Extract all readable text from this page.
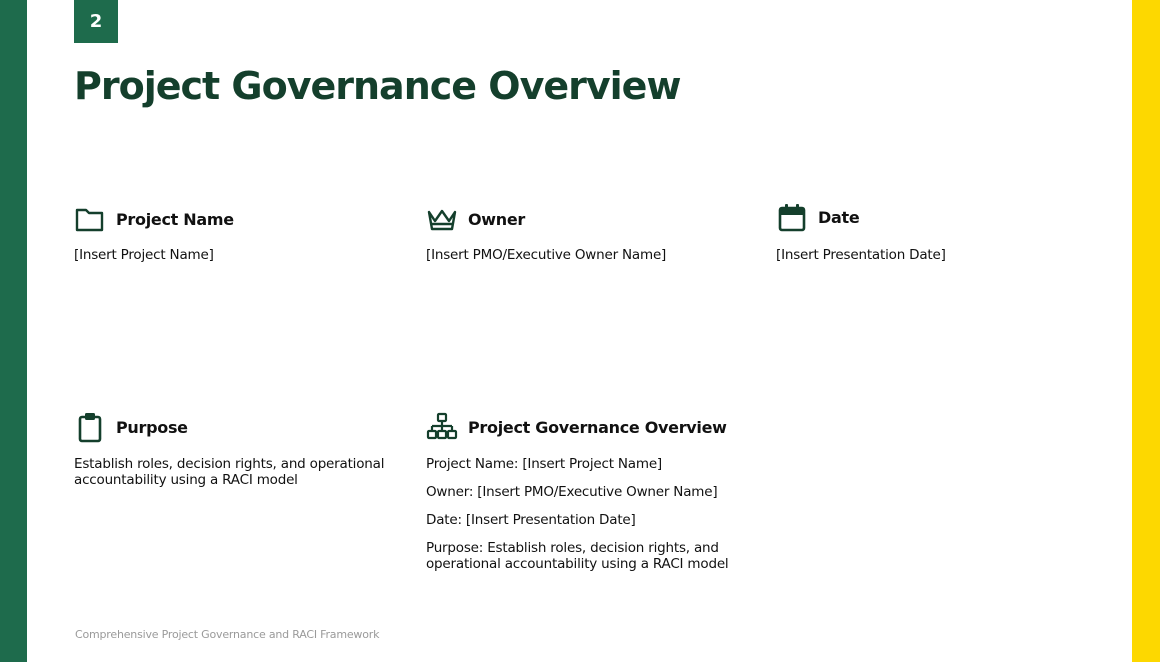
2
Project Governance Overview
Project Name

[Insert Project Name]

Owner

[Insert PMO/Executive Owner Name]

Date

[Insert Presentation Date]

Purpose

Establish roles, decision rights, and operational accountability using a RACI model

Project Governance Overview

Project Name: [Insert Project Name]

Owner: [Insert PMO/Executive Owner Name]

Date: [Insert Presentation Date]

Purpose: Establish roles, decision rights, and operational accountability using a RACI model

Comprehensive Project Governance and RACI Framework
